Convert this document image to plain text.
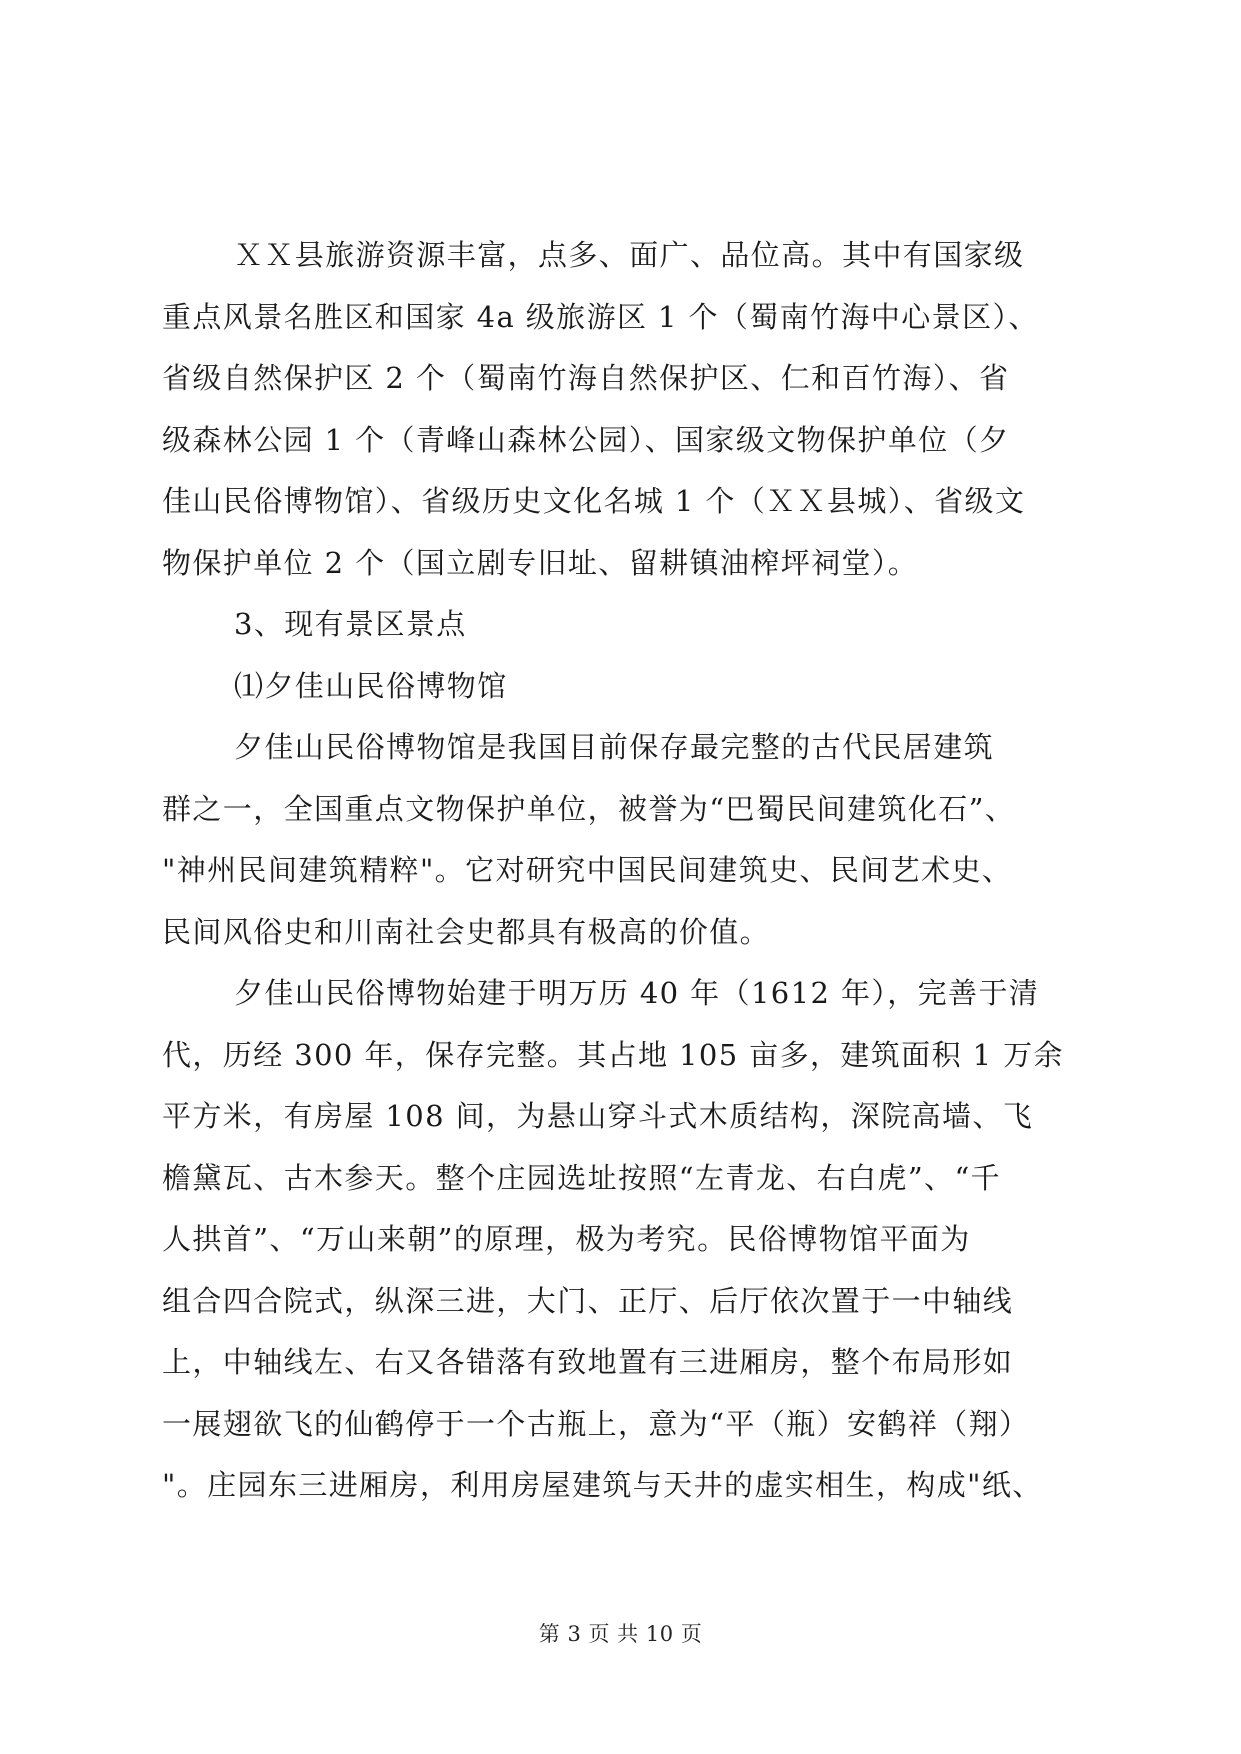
ＸＸ县旅游资源丰富，点多、面广、品位高。其中有国家级
重点风景名胜区和国家 4a 级旅游区 1 个（蜀南竹海中心景区）、
省级自然保护区 2 个（蜀南竹海自然保护区、仁和百竹海）、省
级森林公园 1 个（青峰山森林公园）、国家级文物保护单位（夕
佳山民俗博物馆）、省级历史文化名城 1 个（ＸＸ县城）、省级文
物保护单位 2 个（国立剧专旧址、留耕镇油榨坪祠堂）。
3、现有景区景点
⑴夕佳山民俗博物馆
夕佳山民俗博物馆是我国目前保存最完整的古代民居建筑
群之一，全国重点文物保护单位，被誉为“巴蜀民间建筑化石”、
"神州民间建筑精粹"。它对研究中国民间建筑史、民间艺术史、
民间风俗史和川南社会史都具有极高的价值。
夕佳山民俗博物始建于明万历 40 年（1612 年），完善于清
代，历经 300 年，保存完整。其占地 105 亩多，建筑面积 1 万余
平方米，有房屋 108 间，为悬山穿斗式木质结构，深院高墙、飞
檐黛瓦、古木参天。整个庄园选址按照“左青龙、右白虎”、“千
人拱首”、“万山来朝”的原理，极为考究。民俗博物馆平面为
组合四合院式，纵深三进，大门、正厅、后厅依次置于一中轴线
上，中轴线左、右又各错落有致地置有三进厢房，整个布局形如
一展翅欲飞的仙鹤停于一个古瓶上，意为“平（瓶）安鹤祥（翔）
"。庄园东三进厢房，利用房屋建筑与天井的虚实相生，构成"纸、
第 3 页 共 10 页
